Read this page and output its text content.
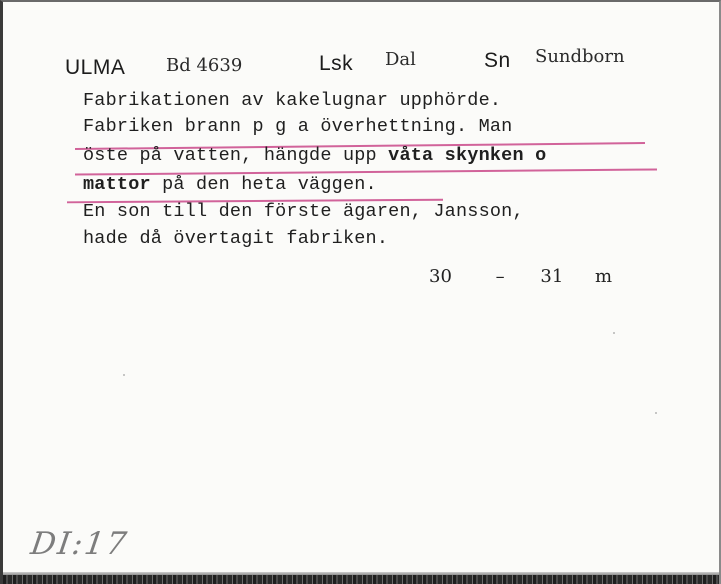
ULMA Bd 4639	Lsk Dal	Sn Sundborn
Fabrikationen av kakelugnar upphörde.
Fabriken brann p g a överhettning. Man
öste på vatten, hängde upp våta skynken o
mattor på den heta väggen.
En son till den förste ägaren, Jansson,
hade då övertagit fabriken.
30 – 31 m
DI:17
